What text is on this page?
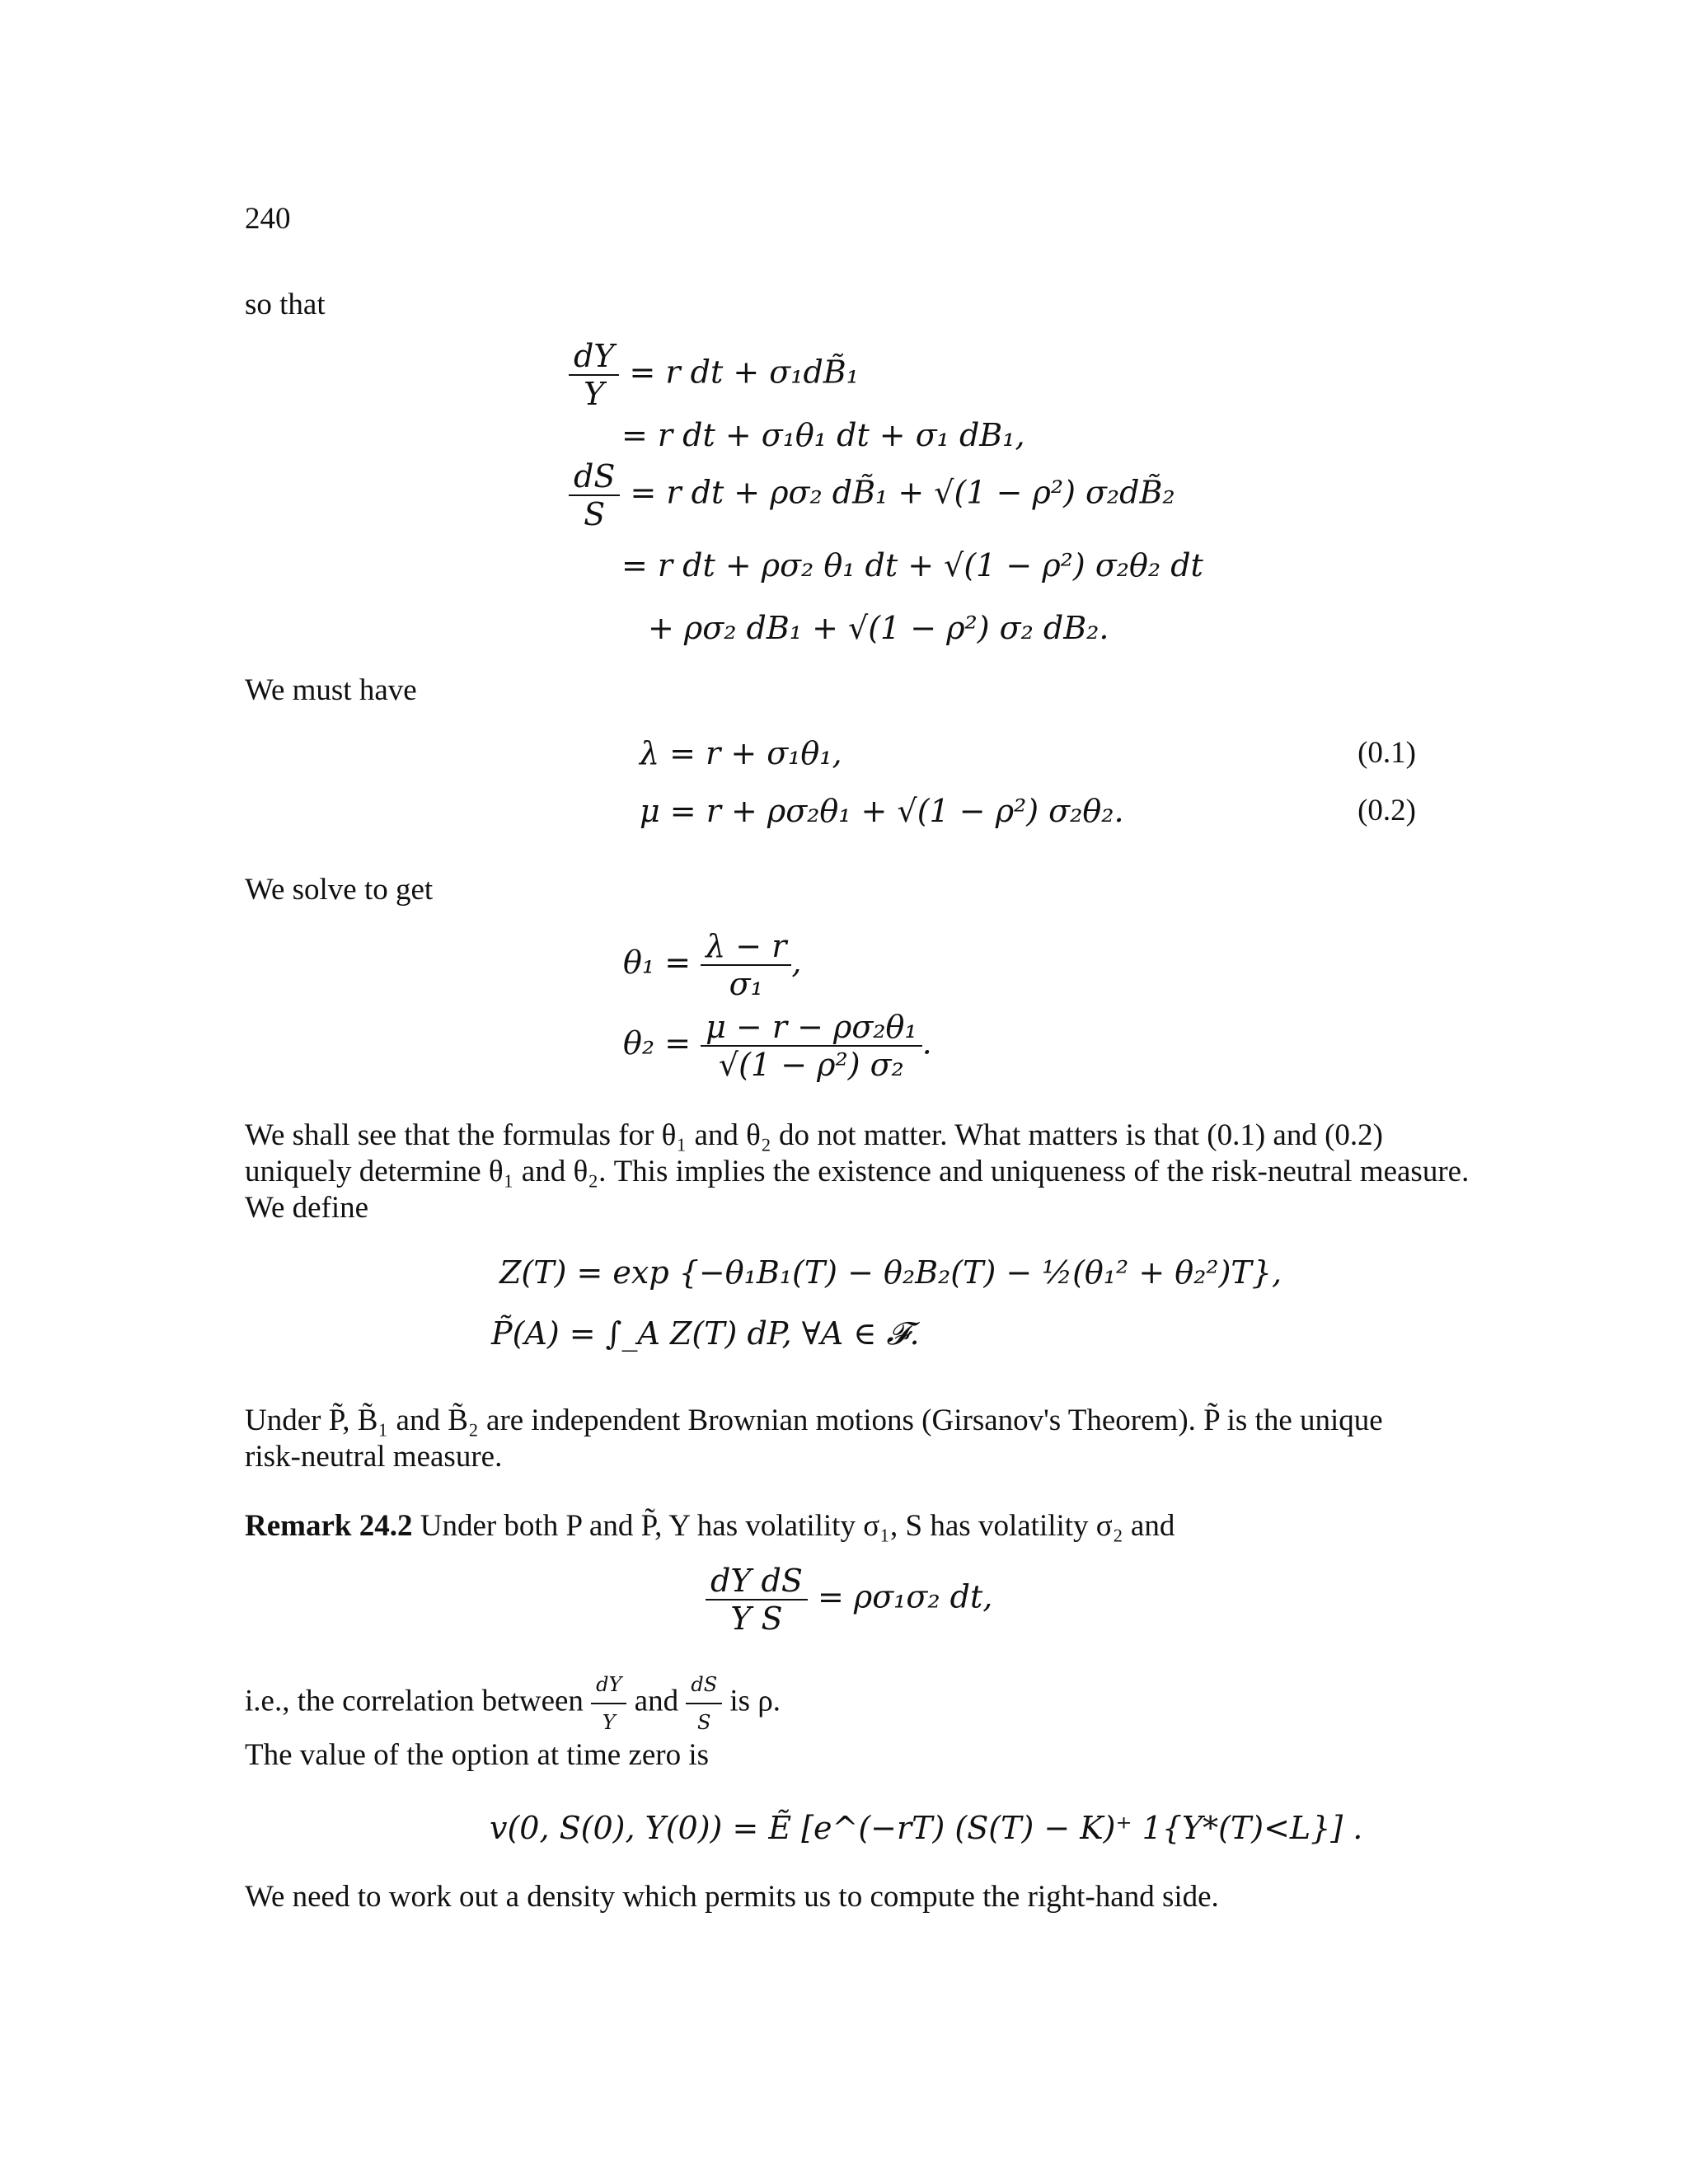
240
so that
$\frac{dY}{Y} = r$ dt + σ₁dB̃₁
= r dt + σ₁θ₁ dt + σ₁ dB₁,
$\frac{dS}{S} = r$ dt + ρσ₂ dB̃₁ + √(1 − ρ²) σ₂dB̃₂
= r dt + ρσ₂ θ₁ dt + √(1 − ρ²) σ₂θ₂ dt
+ ρσ₂ dB₁ + √(1 − ρ²) σ₂ dB₂.
We must have
λ = r + σ₁θ₁,	(0.1)
μ = r + ρσ₂θ₁ + √(1 − ρ²) σ₂θ₂.	(0.2)
We solve to get
$\theta_1 = \frac{\lambda - r}{\text{σ₁}}$ ,
$\theta_2 = \frac{\text{μ − r − ρσ₂θ₁}}{\text{√(1 − ρ²) σ₂}}$ .
We shall see that the formulas for θ₁ and θ₂ do not matter. What matters is that (0.1) and (0.2)
uniquely determine θ₁ and θ₂. This implies the existence and uniqueness of the risk-neutral measure.
We define
Z(T) = exp {−θ₁B₁(T) − θ₂B₂(T) − ½(θ₁² + θ₂²)T},
P̃(A) = ∫_A Z(T) dP, ∀A ∈ 𝓕.
Under P̃, B̃₁ and B̃₂ are independent Brownian motions (Girsanov's Theorem). P̃ is the unique
risk-neutral measure.
Remark 24.2 Under both P and P̃, Y has volatility σ₁, S has volatility σ₂ and
$\frac{\text{dY dS}}{\text{Y S}} = \rho\sigma_1\sigma_2$ dt,
i.e., the correlation between $\frac{dY}{Y}$ and $\frac{dS}{S}$ is ρ.
The value of the option at time zero is
v(0, S(0), Y(0)) = Ẽ [e^(−rT) (S(T) − K)⁺ 1{Y*(T)<L}] .
We need to work out a density which permits us to compute the right-hand side.
